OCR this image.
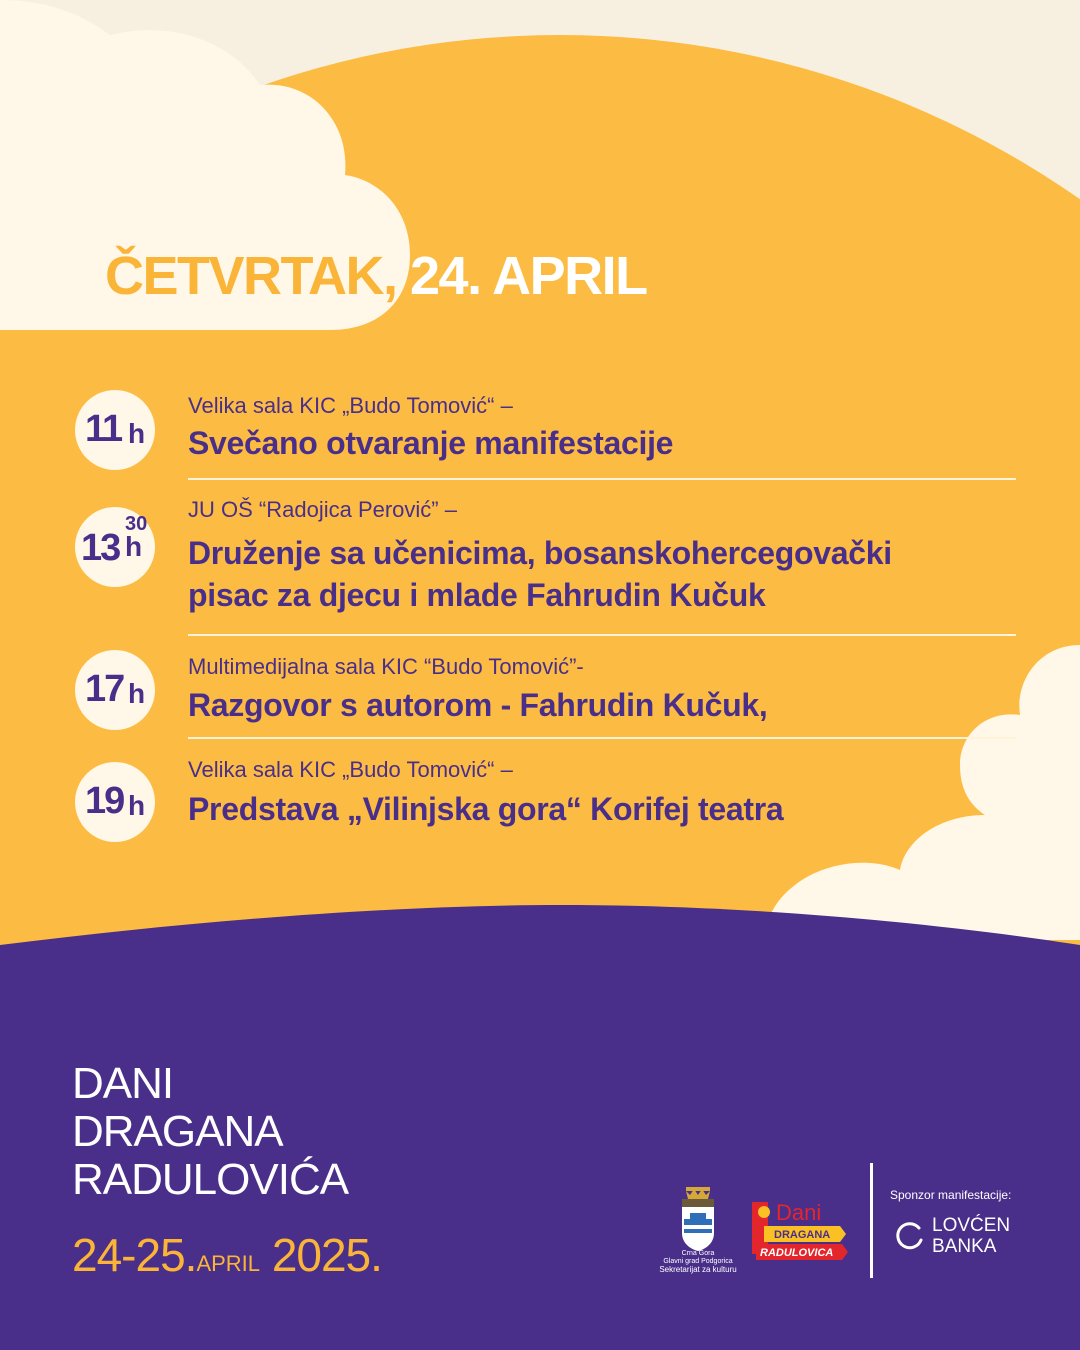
ČETVRTAK, 24. APRIL
11 h
Velika sala KIC „Budo Tomović“ –
Svečano otvaranje manifestacije
13
30
h
JU OŠ “Radojica Perović” –
Druženje sa učenicima, bosanskohercegovački
pisac za djecu i mlade Fahrudin Kučuk
17 h
Multimedijalna sala KIC “Budo Tomović”-
Razgovor s autorom - Fahrudin Kučuk,
19 h
Velika sala KIC „Budo Tomović“ –
Predstava „Vilinjska gora“ Korifej teatra
DANI
DRAGANA
RADULOVIĆA
24-25.APRIL 2025.	Crna Gora
Glavni grad Podgorica
Sekretarijat za kulturu
Dani
DRAGANA
RADULOVICA
Sponzor manifestacije:
LOVĆEN
BANKA
